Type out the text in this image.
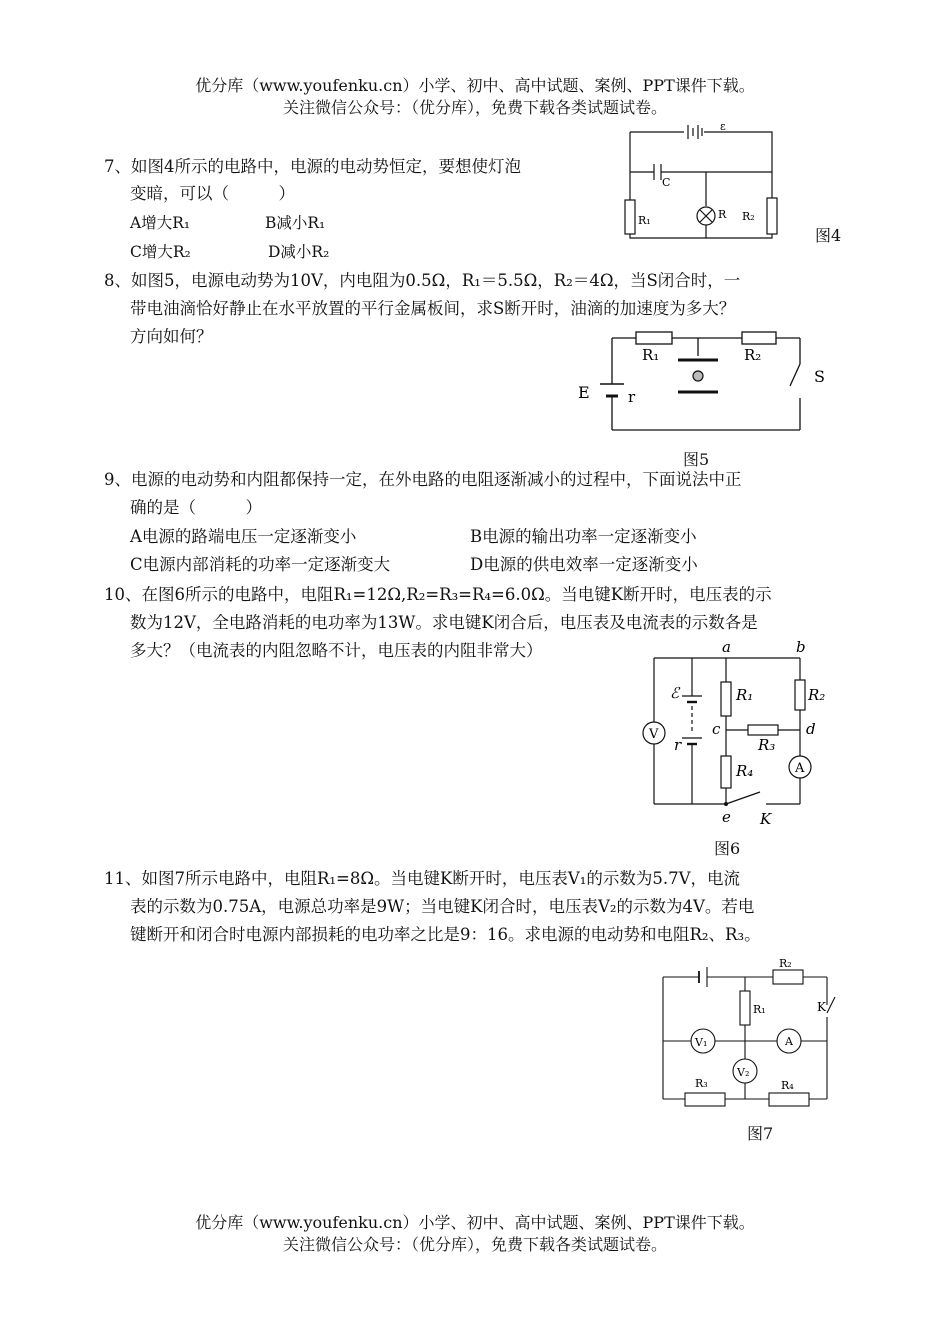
优分库（www.youfenku.cn）小学、初中、高中试题、案例、PPT课件下载。
关注微信公众号：（优分库），免费下载各类试题试卷。
7、如图4所示的电路中，电源的电动势恒定，要想使灯泡
变暗，可以（　　　）
A增大R₁	B减小R₁
C增大R₂	D减小R₂
ε
C
R₁	R R₂
图4
8、如图5，电源电动势为10V，内电阻为0.5Ω，R₁＝5.5Ω，R₂＝4Ω，当S闭合时，一
带电油滴恰好静止在水平放置的平行金属板间，求S断开时，油滴的加速度为多大？
方向如何？
R₁	R₂
E	r
S
图5
9、电源的电动势和内阻都保持一定，在外电路的电阻逐渐减小的过程中，下面说法中正
确的是（　　　）
A电源的路端电压一定逐渐变小	B电源的输出功率一定逐渐变小
C电源内部消耗的功率一定逐渐变大	D电源的供电效率一定逐渐变小
10、在图6所示的电路中，电阻R₁=12Ω,R₂=R₃=R₄=6.0Ω。当电键K断开时，电压表的示
数为12V，全电路消耗的电功率为13W。求电键K闭合后，电压表及电流表的示数各是
多大？（电流表的内阻忽略不计，电压表的内阻非常大）
V
A
a	b
c	d
e K
ℰ
r
R₁	R₂
R₃
R₄
图6
11、如图7所示电路中，电阻R₁=8Ω。当电键K断开时，电压表V₁的示数为5.7V，电流
表的示数为0.75A，电源总功率是9W；当电键K闭合时，电压表V₂的示数为4V。若电
键断开和闭合时电源内部损耗的电功率之比是9：16。求电源的电动势和电阻R₂、R₃。
V₁	A
V₂
R₂
R₁
R₃	R₄
K
图7
优分库（www.youfenku.cn）小学、初中、高中试题、案例、PPT课件下载。
关注微信公众号：（优分库），免费下载各类试题试卷。
